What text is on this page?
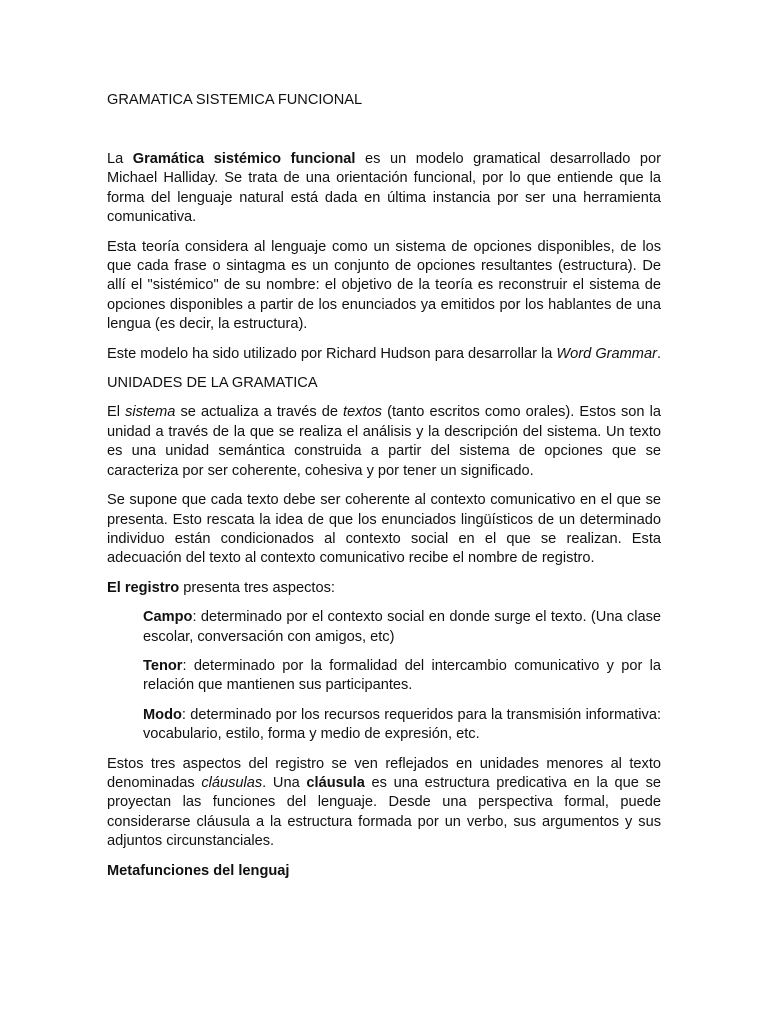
GRAMATICA SISTEMICA FUNCIONAL

La Gramática sistémico funcional es un modelo gramatical desarrollado por Michael Halliday. Se trata de una orientación funcional, por lo que entiende que la forma del lenguaje natural está dada en última instancia por ser una herramienta comunicativa.

Esta teoría considera al lenguaje como un sistema de opciones disponibles, de los que cada frase o sintagma es un conjunto de opciones resultantes (estructura). De allí el "sistémico" de su nombre: el objetivo de la teoría es reconstruir el sistema de opciones disponibles a partir de los enunciados ya emitidos por los hablantes de una lengua (es decir, la estructura).

Este modelo ha sido utilizado por Richard Hudson para desarrollar la Word Grammar.

UNIDADES DE LA GRAMATICA

El sistema se actualiza a través de textos (tanto escritos como orales). Estos son la unidad a través de la que se realiza el análisis y la descripción del sistema. Un texto es una unidad semántica construida a partir del sistema de opciones que se caracteriza por ser coherente, cohesiva y por tener un significado.

Se supone que cada texto debe ser coherente al contexto comunicativo en el que se presenta. Esto rescata la idea de que los enunciados lingüísticos de un determinado individuo están condicionados al contexto social en el que se realizan. Esta adecuación del texto al contexto comunicativo recibe el nombre de registro.

El registro presenta tres aspectos:

Campo: determinado por el contexto social en donde surge el texto. (Una clase escolar, conversación con amigos, etc)

Tenor: determinado por la formalidad del intercambio comunicativo y por la relación que mantienen sus participantes.

Modo: determinado por los recursos requeridos para la transmisión informativa: vocabulario, estilo, forma y medio de expresión, etc.

Estos tres aspectos del registro se ven reflejados en unidades menores al texto denominadas cláusulas. Una cláusula es una estructura predicativa en la que se proyectan las funciones del lenguaje. Desde una perspectiva formal, puede considerarse cláusula a la estructura formada por un verbo, sus argumentos y sus adjuntos circunstanciales.

Metafunciones del lenguaj
